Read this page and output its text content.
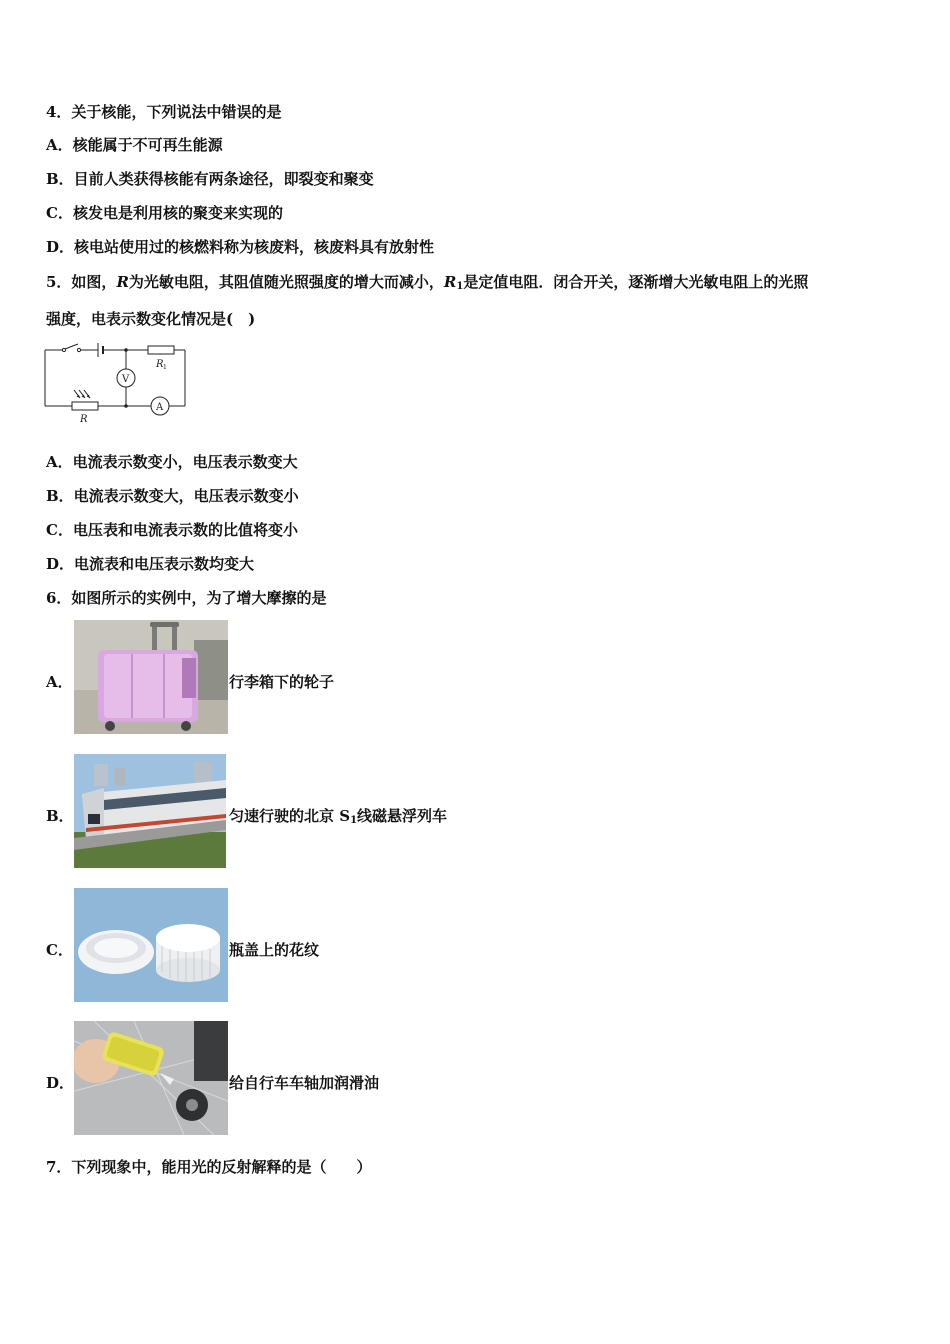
4．关于核能，下列说法中错误的是
A．核能属于不可再生能源
B．目前人类获得核能有两条途径，即裂变和聚变
C．核发电是利用核的聚变来实现的
D．核电站使用过的核燃料称为核废料，核废料具有放射性
5．如图，R为光敏电阻，其阻值随光照强度的增大而减小，$R_1$是定值电阻．闭合开关，逐渐增大光敏电阻上的光照
强度，电表示数变化情况是(　)
R 1
R
V
A
A．电流表示数变小，电压表示数变大
B．电流表示数变大，电压表示数变小
C．电压表和电流表示数的比值将变小
D．电流表和电压表示数均变大
6．如图所示的实例中，为了增大摩擦的是
A．	行李箱下的轮子
B．	匀速行驶的北京 $S_1$线磁悬浮列车
C．	瓶盖上的花纹
D．	给自行车车轴加润滑油
7．下列现象中，能用光的反射解释的是（　　）
